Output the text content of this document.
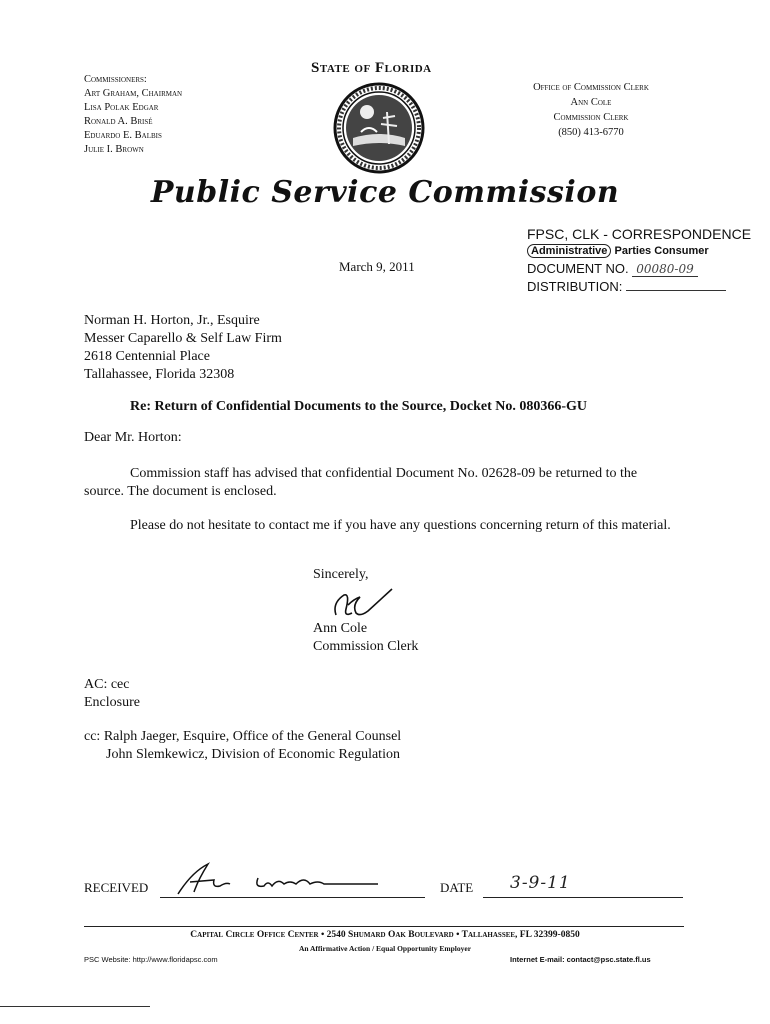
Commissioners:
Art Graham, Chairman
Lisa Polak Edgar
Ronald A. Brisé
Eduardo E. Balbis
Julie I. Brown
State of Florida
Office of Commission Clerk
Ann Cole
Commission Clerk
(850) 413-6770
Public Service Commission
FPSC, CLK - CORRESPONDENCE
Administrative Parties Consumer
DOCUMENT NO. 00080-09
DISTRIBUTION:
March 9, 2011
Norman H. Horton, Jr., Esquire
Messer Caparello & Self Law Firm
2618 Centennial Place
Tallahassee, Florida 32308
Re: Return of Confidential Documents to the Source, Docket No. 080366-GU
Dear Mr. Horton:
Commission staff has advised that confidential Document No. 02628-09 be returned to the source. The document is enclosed.
Please do not hesitate to contact me if you have any questions concerning return of this material.
Sincerely,
Ann Cole
Commission Clerk
AC: cec
Enclosure
cc: Ralph Jaeger, Esquire, Office of the General Counsel
John Slemkewicz, Division of Economic Regulation
RECEIVED	DATE 3-9-11
Capital Circle Office Center • 2540 Shumard Oak Boulevard • Tallahassee, FL 32399-0850
An Affirmative Action / Equal Opportunity Employer
PSC Website: http://www.floridapsc.com	Internet E-mail: contact@psc.state.fl.us
